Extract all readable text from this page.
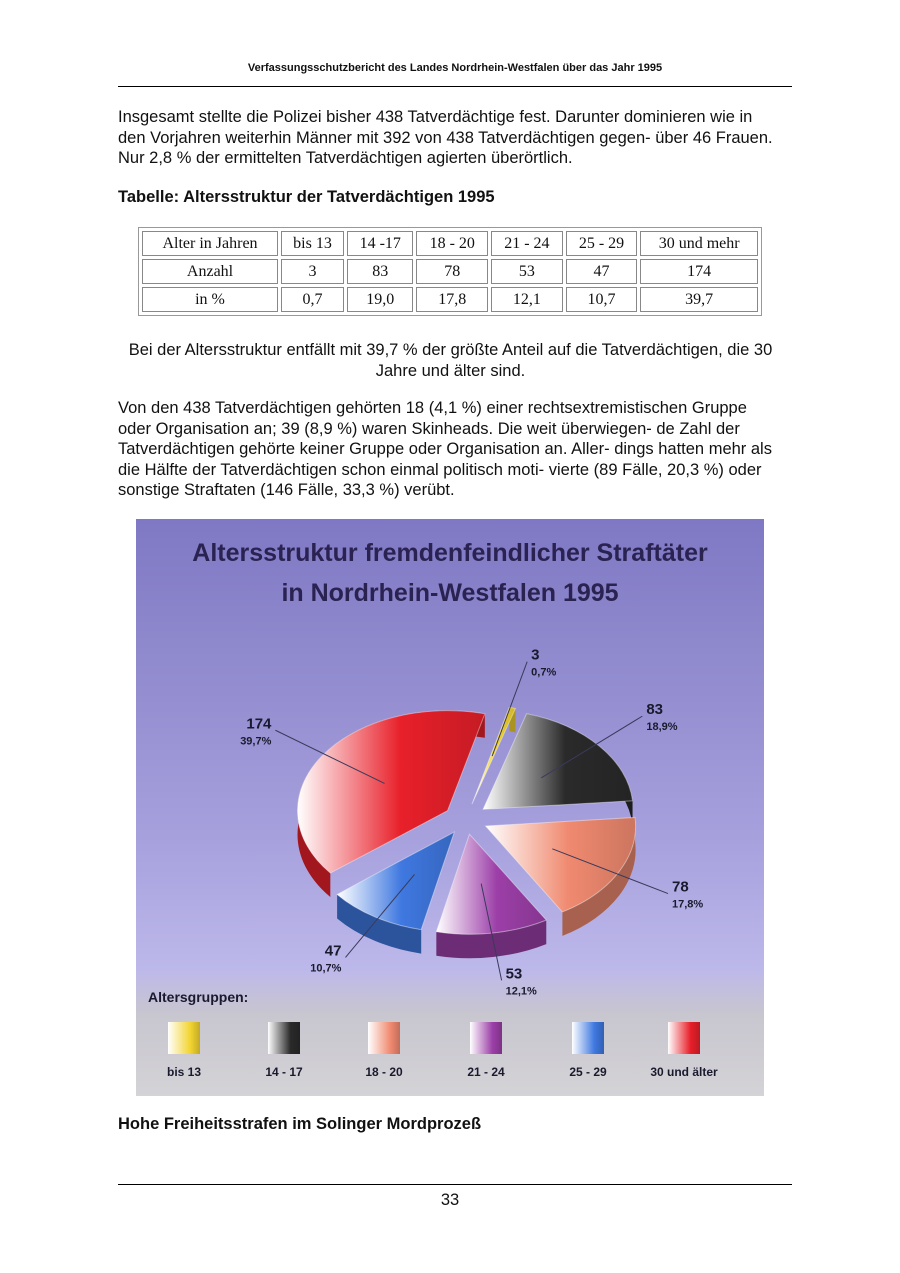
Verfassungsschutzbericht des Landes Nordrhein-Westfalen über das Jahr 1995

Insgesamt stellte die Polizei bisher 438 Tatverdächtige fest. Darunter dominieren wie in den Vorjahren weiterhin Männer mit 392 von 438 Tatverdächtigen gegen- über 46 Frauen. Nur 2,8 % der ermittelten Tatverdächtigen agierten überörtlich.

Tabelle: Altersstruktur der Tatverdächtigen 1995
Alter in Jahren	bis 13	14 -17	18 - 20	21 - 24	25 - 29	30 und mehr
Anzahl	3	83	78	53	47	174
in %	0,7	19,0	17,8	12,1	10,7	39,7

Bei der Altersstruktur entfällt mit 39,7 % der größte Anteil auf die Tatverdächtigen, die 30 Jahre und älter sind.

Von den 438 Tatverdächtigen gehörten 18 (4,1 %) einer rechtsextremistischen Gruppe oder Organisation an; 39 (8,9 %) waren Skinheads. Die weit überwiegen- de Zahl der Tatverdächtigen gehörte keiner Gruppe oder Organisation an. Aller- dings hatten mehr als die Hälfte der Tatverdächtigen schon einmal politisch moti- vierte (89 Fälle, 20,3 %) oder sonstige Straftaten (146 Fälle, 33,3 %) verübt.

Altersstruktur fremdenfeindlicher Straftäter
in Nordrhein-Westfalen 1995
Altersgruppen:
3
0,7%
83
18,9%
78
17,8%
53
12,1%
47
10,7%
174
39,7%
bis 13	14 - 17	18 - 20	21 - 24	25 - 29	30 und älter
Hohe Freiheitsstrafen im Solinger Mordprozeß
33
